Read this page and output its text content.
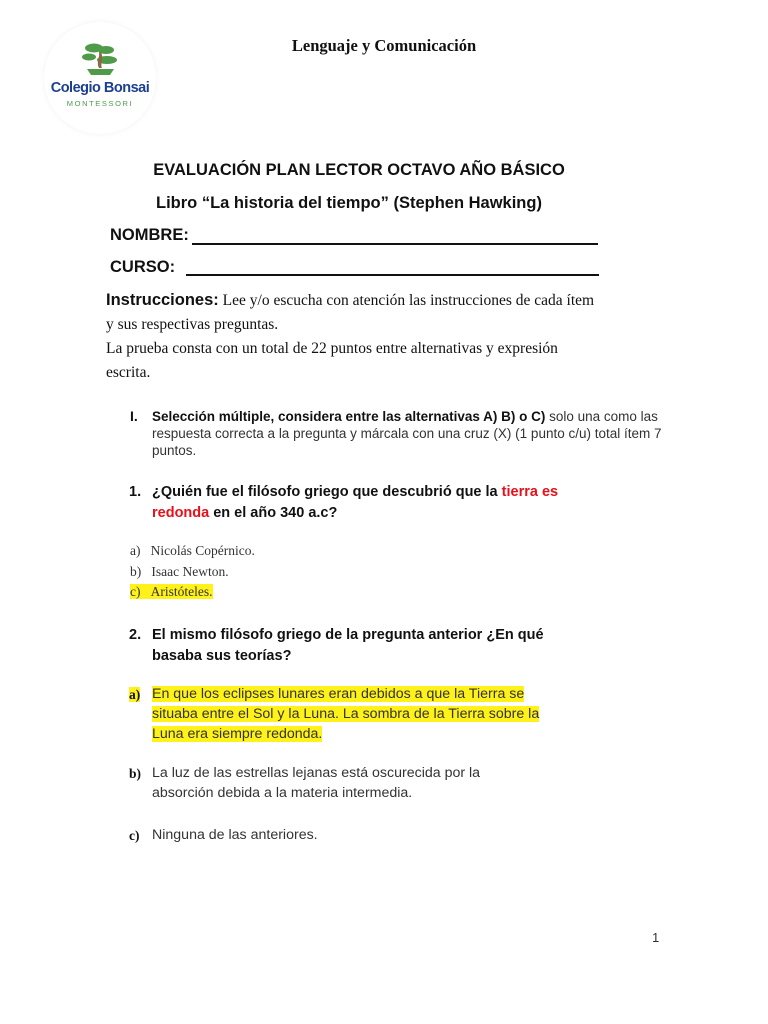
Colegio Bonsai
MONTESSORI
Lenguaje y Comunicación
EVALUACIÓN PLAN LECTOR OCTAVO AÑO BÁSICO
Libro “La historia del tiempo” (Stephen Hawking)
NOMBRE:
CURSO:
Instrucciones: Lee y/o escucha con atención las instrucciones de cada ítem y sus respectivas preguntas.
La prueba consta con un total de 22 puntos entre alternativas y expresión escrita.
I. Selección múltiple, considera entre las alternativas A) B) o C) solo una como las respuesta correcta a la pregunta y márcala con una cruz (X) (1 punto c/u) total ítem 7 puntos.
1. ¿Quién fue el filósofo griego que descubrió que la tierra es redonda en el año 340 a.c?
a) Nicolás Copérnico.
b) Isaac Newton.
c) Aristóteles.
2. El mismo filósofo griego de la pregunta anterior ¿En qué basaba sus teorías?
a) En que los eclipses lunares eran debidos a que la Tierra se situaba entre el Sol y la Luna. La sombra de la Tierra sobre la Luna era siempre redonda.
b) La luz de las estrellas lejanas está oscurecida por la absorción debida a la materia intermedia.
c) Ninguna de las anteriores.
1
